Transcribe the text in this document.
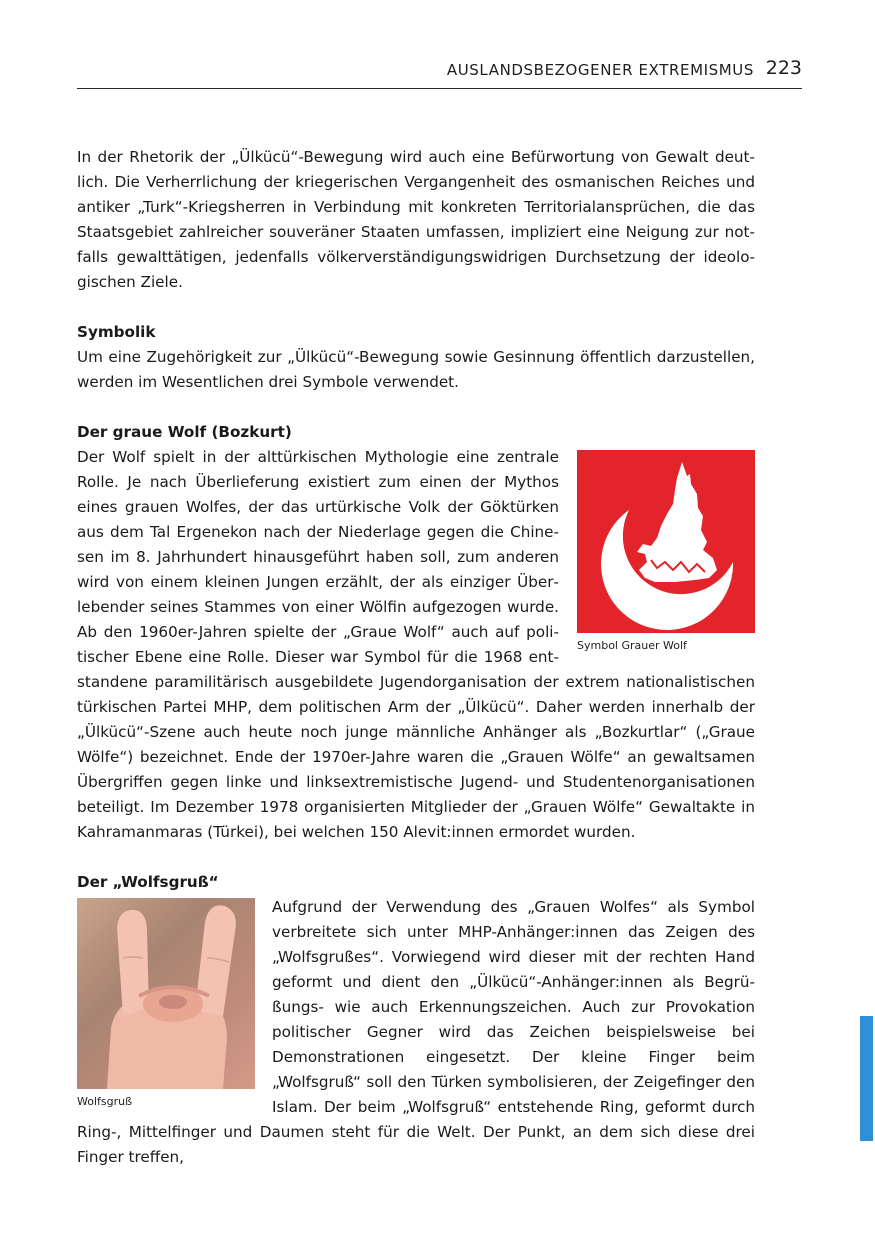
AUSLANDSBEZOGENER EXTREMISMUS 223

In der Rhetorik der „Ülkücü“-Bewegung wird auch eine Befürwortung von Gewalt deutlich. Die Verherrlichung der kriegerischen Vergangenheit des osmanischen Reiches und antiker „Turk“-Kriegsherren in Verbindung mit konkreten Territorialansprüchen, die das Staatsgebiet zahlreicher souveräner Staaten umfassen, impliziert eine Neigung zur notfalls gewalttätigen, jedenfalls völkerverständigungswidrigen Durchsetzung der ideologischen Ziele.

Symbolik

Um eine Zugehörigkeit zur „Ülkücü“-Bewegung sowie Gesinnung öffentlich darzustellen, werden im Wesentlichen drei Symbole verwendet.

Der graue Wolf (Bozkurt)

Symbol Grauer Wolf

Der Wolf spielt in der alttürkischen Mythologie eine zentrale Rolle. Je nach Überlieferung existiert zum einen der Mythos eines grauen Wolfes, der das urtürkische Volk der Göktürken aus dem Tal Ergenekon nach der Niederlage gegen die Chinesen im 8. Jahrhundert hinausgeführt haben soll, zum anderen wird von einem kleinen Jungen erzählt, der als einziger Überlebender seines Stammes von einer Wölfin aufgezogen wurde. Ab den 1960er-Jahren spielte der „Graue Wolf“ auch auf politischer Ebene eine Rolle. Dieser war Symbol für die 1968 entstandene paramilitärisch ausgebildete Jugendorganisation der extrem nationalistischen türkischen Partei MHP, dem politischen Arm der „Ülkücü“. Daher werden innerhalb der „Ülkücü“-Szene auch heute noch junge männliche Anhänger als „Bozkurtlar“ („Graue Wölfe“) bezeichnet. Ende der 1970er-Jahre waren die „Grauen Wölfe“ an gewaltsamen Übergriffen gegen linke und linksextremistische Jugend- und Studentenorganisationen beteiligt. Im Dezember 1978 organisierten Mitglieder der „Grauen Wölfe“ Gewaltakte in Kahramanmaras (Türkei), bei welchen 150 Alevit:innen ermordet wurden.

Der „Wolfsgruß“

Wolfsgruß

Aufgrund der Verwendung des „Grauen Wolfes“ als Symbol verbreitete sich unter MHP-Anhänger:innen das Zeigen des „Wolfsgrußes“. Vorwiegend wird dieser mit der rechten Hand geformt und dient den „Ülkücü“-Anhänger:innen als Begrüßungs- wie auch Erkennungszeichen. Auch zur Provokation politischer Gegner wird das Zeichen beispielsweise bei Demonstrationen eingesetzt. Der kleine Finger beim „Wolfsgruß“ soll den Türken symbolisieren, der Zeigefinger den Islam. Der beim „Wolfsgruß“ entstehende Ring, geformt durch Ring-, Mittelfinger und Daumen steht für die Welt. Der Punkt, an dem sich diese drei Finger treffen,
